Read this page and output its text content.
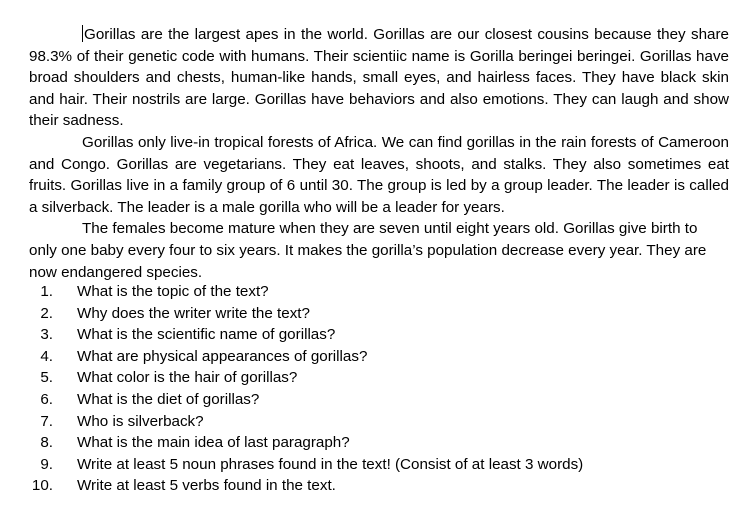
Gorillas are the largest apes in the world. Gorillas are our closest cousins because they share 98.3% of their genetic code with humans. Their scientiic name is Gorilla beringei beringei. Gorillas have broad shoulders and chests, human-like hands, small eyes, and hairless faces. They have black skin and hair. Their nostrils are large. Gorillas have behaviors and also emotions. They can laugh and show their sadness.

Gorillas only live-in tropical forests of Africa. We can find gorillas in the rain forests of Cameroon and Congo. Gorillas are vegetarians. They eat leaves, shoots, and stalks. They also sometimes eat fruits. Gorillas live in a family group of 6 until 30. The group is led by a group leader. The leader is called a silverback. The leader is a male gorilla who will be a leader for years.

The females become mature when they are seven until eight years old. Gorillas give birth to only one baby every four to six years. It makes the gorilla’s population decrease every year. They are now endangered species.

1. What is the topic of the text?
2. Why does the writer write the text?
3. What is the scientific name of gorillas?
4. What are physical appearances of gorillas?
5. What color is the hair of gorillas?
6. What is the diet of gorillas?
7. Who is silverback?
8. What is the main idea of last paragraph?
9. Write at least 5 noun phrases found in the text! (Consist of at least 3 words)
10. Write at least 5 verbs found in the text.
